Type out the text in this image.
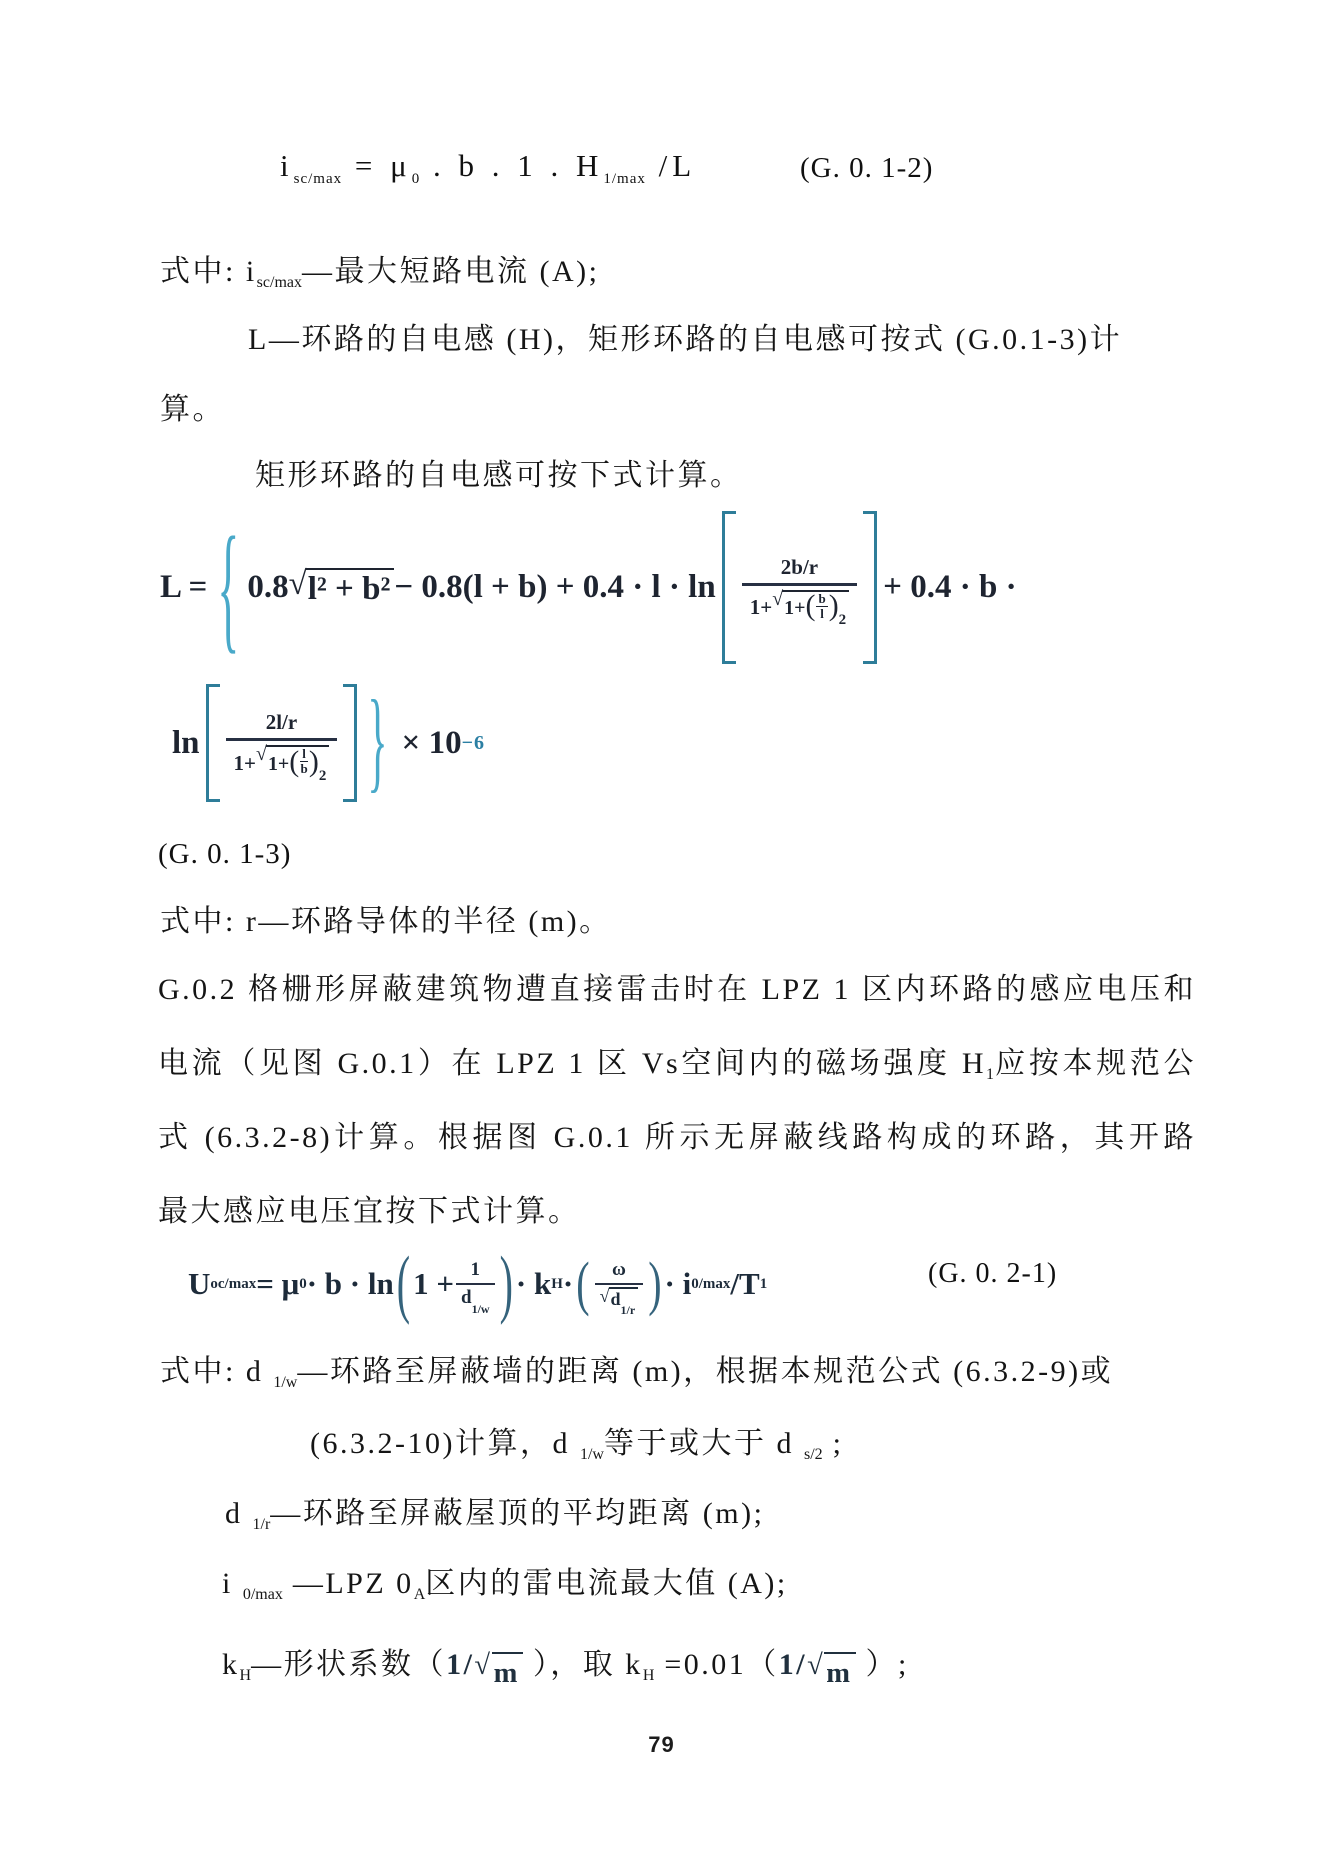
$i_{sc/max} = \mu_0$ . b . 1 . $H_{1/max}$ /L	(G. 0. 1-2)
式中: $i_{sc/max}—$最大短路电流 (A);
L—环路的自电感 (H)，矩形环路的自电感可按式 (G.0.1-3)计
算。
矩形环路的自电感可按下式计算。
L = { 0.8 √ $l^2 + b^2 - 0.8(l + b) + 0.4 \cdot l \cdot \ln \frac{2b/r}{1+ √ 1+ ( \frac{b}{l} ) 2} + 0.4 \cdot b$ ·
$\ln \frac{2l/r}{1+ √ 1+ ( \frac{l}{b} ) 2}$ } × 10 −6
(G. 0. 1-3)
式中: r—环路导体的半径 (m)。
G.0.2 格栅形屏蔽建筑物遭直接雷击时在 LPZ 1 区内环路的感应电压和
电流（见图 G.0.1）在 LPZ 1 区 Vs空间内的磁场强度 $H_1$应按本规范公
式 (6.3.2-8)计算。根据图 G.0.1 所示无屏蔽线路构成的环路，其开路
最大感应电压宜按下式计算。
U oc/max = μ 0 · b · ln ( 1 + 1
d
1/w ) · k H · ( ω
√ d
1/r ) · i 0/max /T 1	(G. 0. 2-1)
式中: d $_{1/w}$—环路至屏蔽墙的距离 (m)，根据本规范公式 (6.3.2-9)或
(6.3.2-10)计算，d $_{1/w}$等于或大于 d $_{s/2}$ ;
d $_{1/r}$—环路至屏蔽屋顶的平均距离 (m);
i $_{0/max}$ —LPZ $0_A$区内的雷电流最大值 (A);
$k_H—$形状系数（1/ √ m ），取 $k_H =0.01(1/$ √ m ）;
79
